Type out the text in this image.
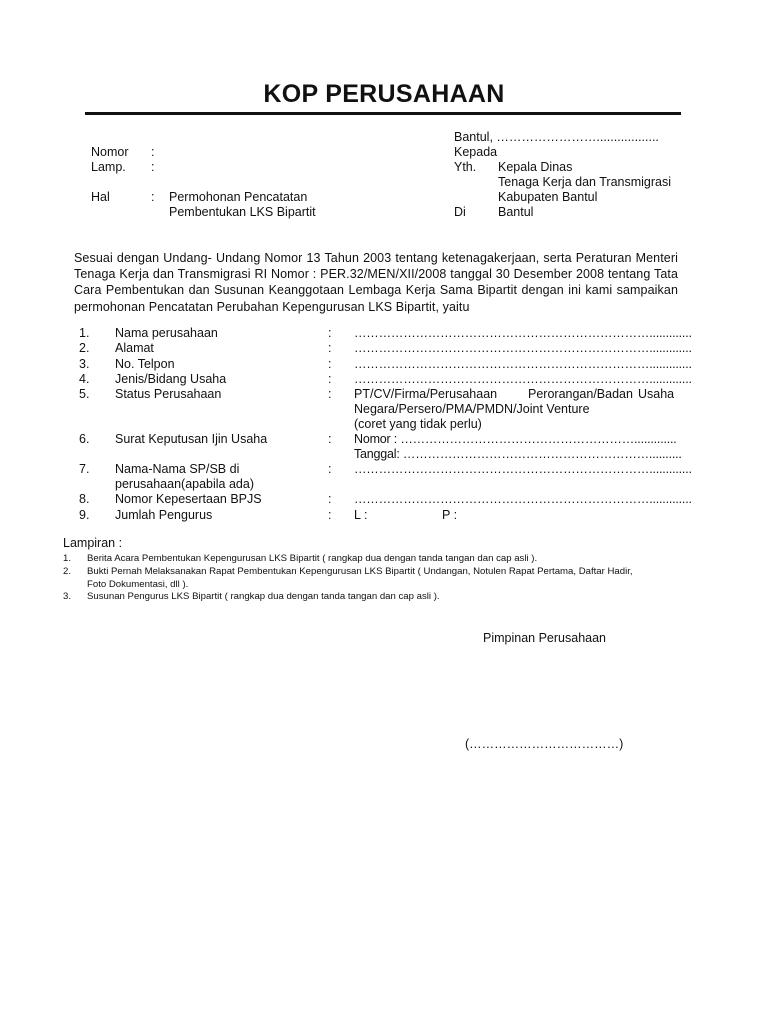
KOP PERUSAHAAN
Bantul, ……………………..................
Kepada
Yth. Kepala Dinas
Tenaga Kerja dan Transmigrasi
Kabupaten Bantul
Di	Bantul
Nomor :
Lamp. :
Hal	: Permohonan Pencatatan
Pembentukan LKS Bipartit
Sesuai dengan Undang- Undang Nomor 13 Tahun 2003 tentang ketenagakerjaan, serta Peraturan Menteri Tenaga Kerja dan Transmigrasi RI Nomor : PER.32/MEN/XII/2008 tanggal 30 Desember 2008 tentang Tata Cara Pembentukan dan Susunan Keanggotaan Lembaga Kerja Sama Bipartit dengan ini kami sampaikan permohonan Pencatatan Perubahan Kepengurusan LKS Bipartit, yaitu
1. Nama perusahaan	: ……………………………………………………………….............
2. Alamat	: ……………………………………………………………….............
3. No. Telpon	: ……………………………………………………………….............
4. Jenis/Bidang Usaha	: ……………………………………………………………….............
5. Status Perusahaan	: PT/CV/Firma/Perusahaan Perorangan/Badan Usaha
Negara/Persero/PMA/PMDN/Joint Venture
(coret yang tidak perlu)
6. Surat Keputusan Ijin Usaha	: Nomor : ………………………………………………….............
Tanggal: ……………………………………………………..........
7. Nama-Nama SP/SB di
perusahaan(apabila ada)
: ……………………………………………………………….............
8. Nomor Kepesertaan BPJS	: ……………………………………………………………….............
9. Jumlah Pengurus	: L :	P :
Lampiran :
1. Berita Acara Pembentukan Kepengurusan LKS Bipartit ( rangkap dua dengan tanda tangan dan cap asli ).
2. Bukti Pernah Melaksanakan Rapat Pembentukan Kepengurusan LKS Bipartit ( Undangan, Notulen Rapat Pertama, Daftar Hadir,
Foto Dokumentasi, dll ).
3. Susunan Pengurus LKS Bipartit ( rangkap dua dengan tanda tangan dan cap asli ).
Pimpinan Perusahaan
(………………………………)
